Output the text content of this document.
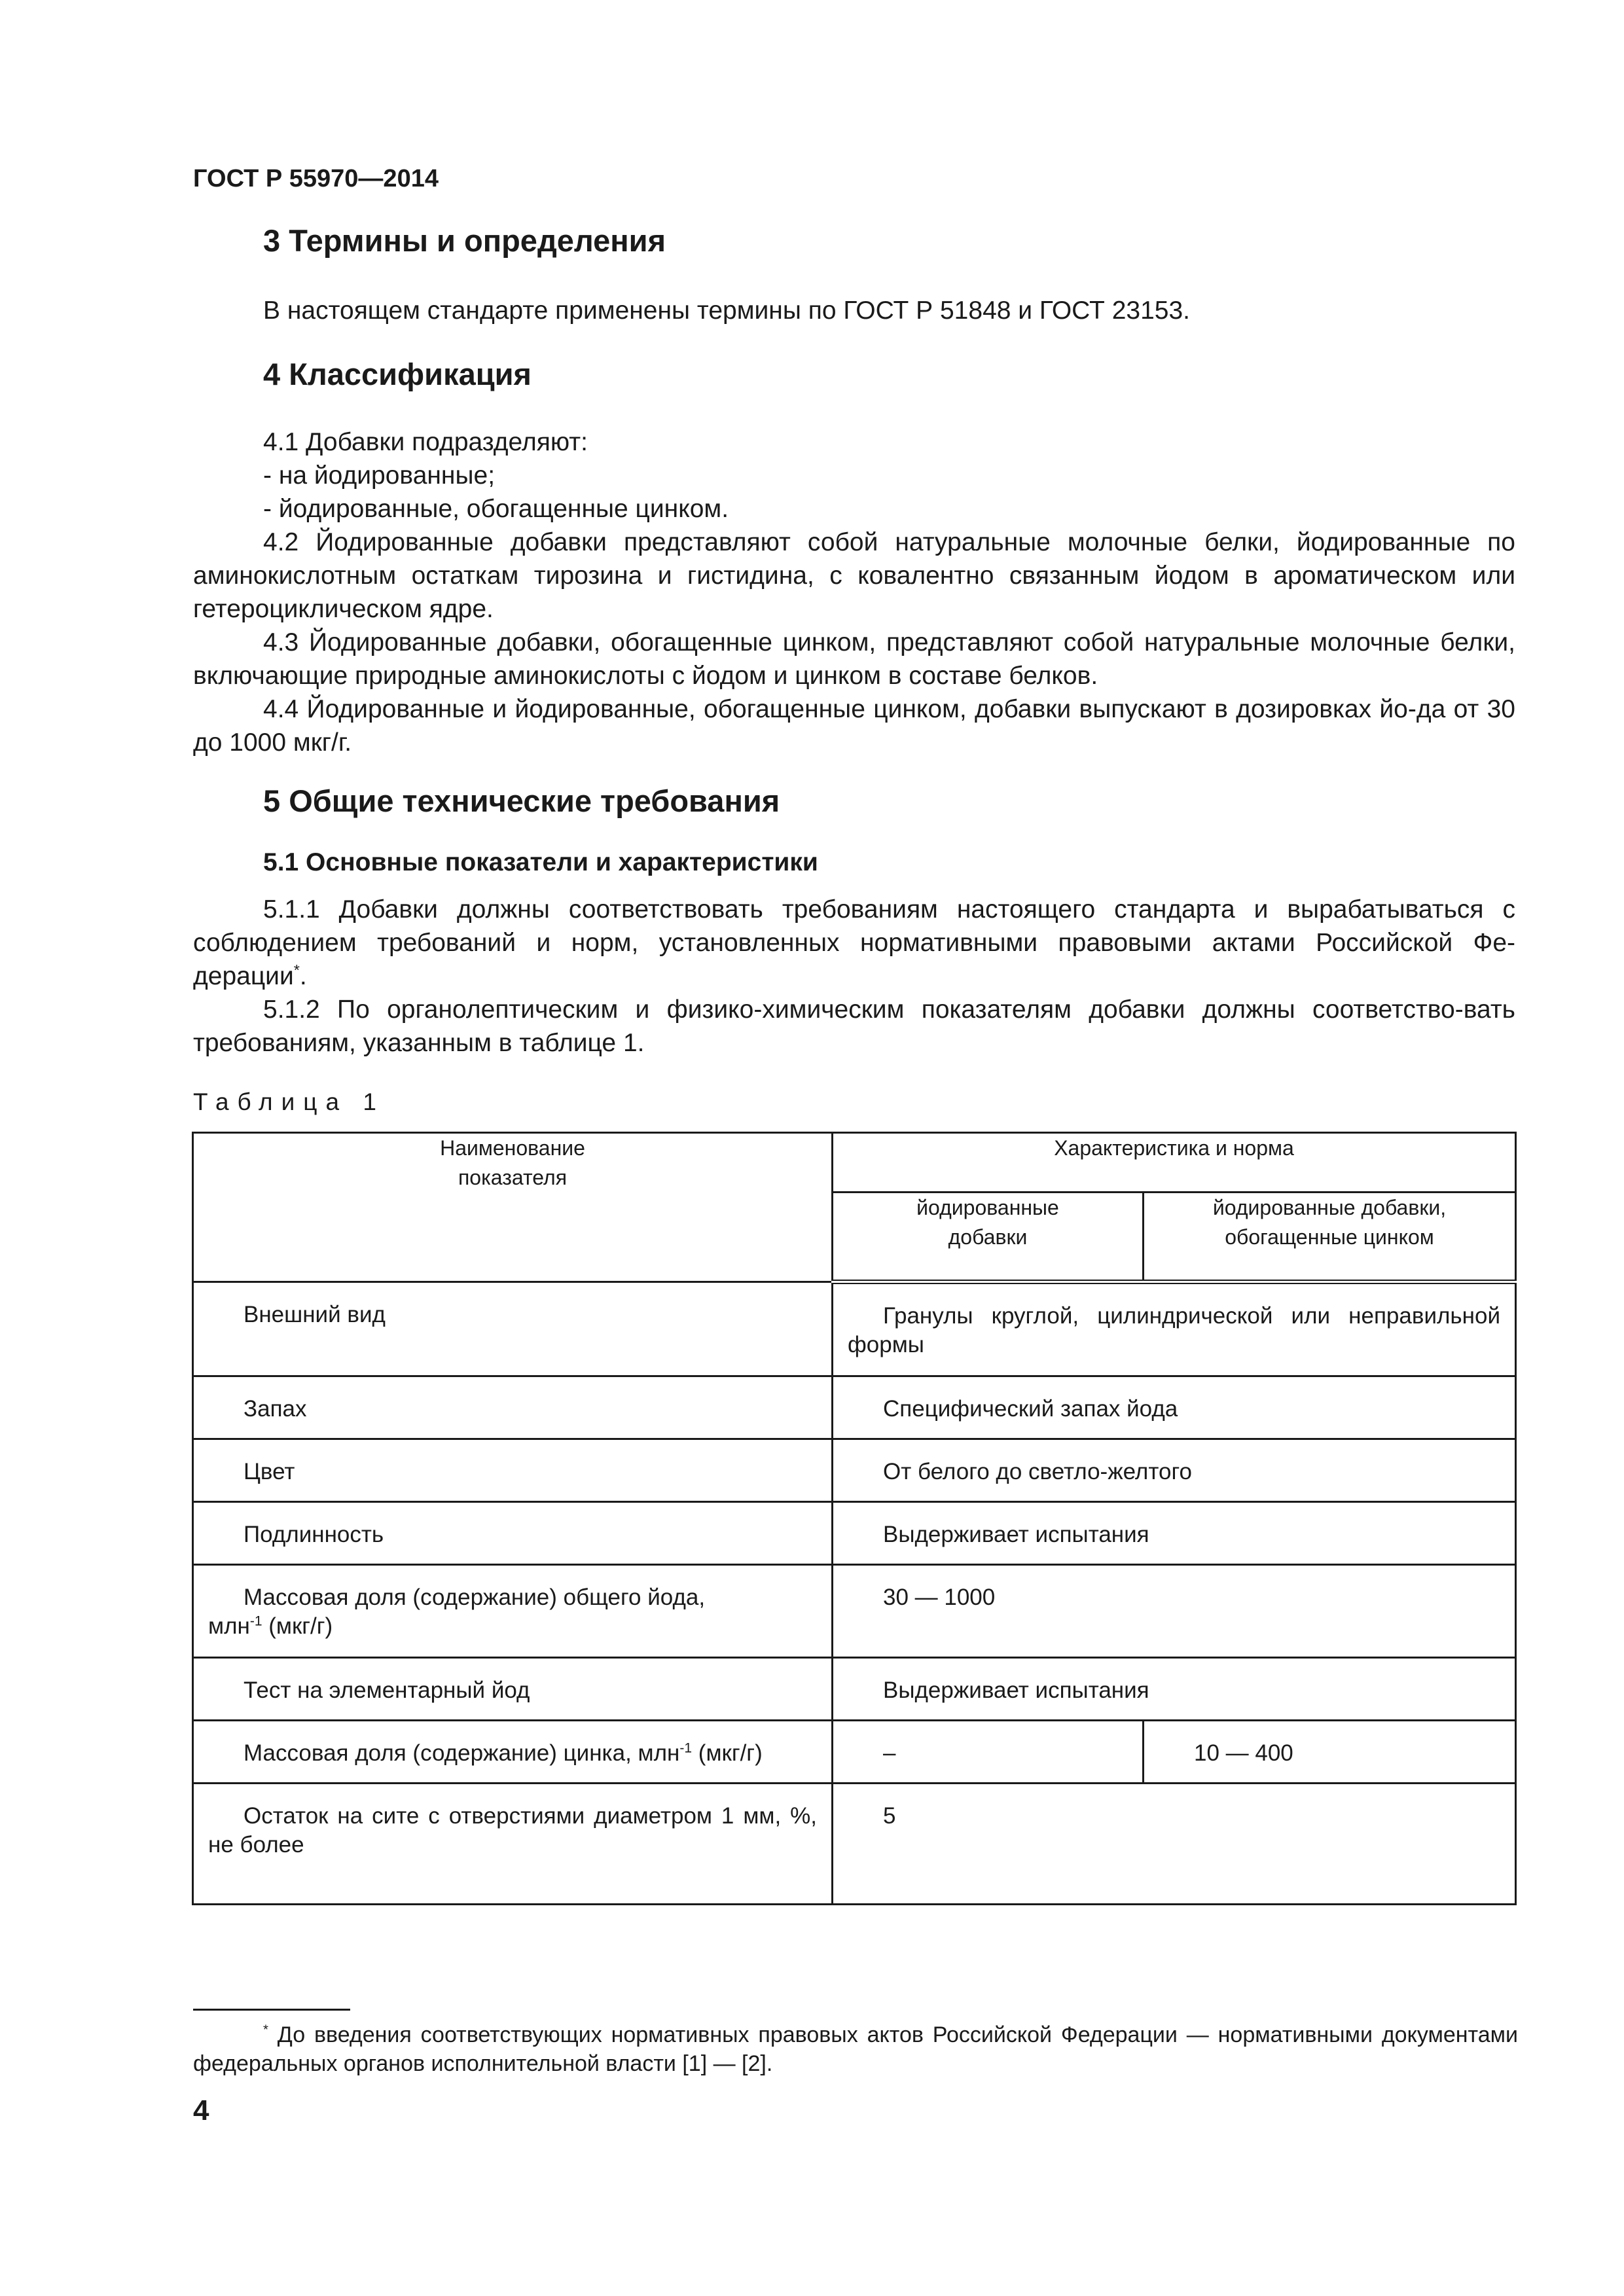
ГОСТ Р 55970—2014
3 Термины и определения

В настоящем стандарте применены термины по ГОСТ Р 51848 и ГОСТ 23153.

4 Классификация

4.1 Добавки подразделяют:

- на йодированные;

- йодированные, обогащенные цинком.

4.2 Йодированные добавки представляют собой натуральные молочные белки, йодированные по аминокислотным остаткам тирозина и гистидина, с ковалентно связанным йодом в ароматическом или гетероциклическом ядре.

4.3 Йодированные добавки, обогащенные цинком, представляют собой натуральные молочные белки, включающие природные аминокислоты с йодом и цинком в составе белков.

4.4 Йодированные и йодированные, обогащенные цинком, добавки выпускают в дозировках йо-да от 30 до 1000 мкг/г.

5 Общие технические требования
5.1 Основные показатели и характеристики

5.1.1 Добавки должны соответствовать требованиям настоящего стандарта и вырабатываться с

соблюдением требований и норм, установленных нормативными правовыми актами Российской Фе-

дерации*.

5.1.2 По органолептическим и физико-химическим показателям добавки должны соответство-вать требованиям, указанным в таблице 1.

Таблица 1
Наименование показателя	Характеристика и норма	

	йодированные добавки	йодированные добавки, обогащенные цинком

Внешний вид	Гранулы круглой, цилиндрической или неправильной формы	

Запах	Специфический запах йода	

Цвет	От белого до светло-желтого	

Подлинность	Выдерживает испытания	

Массовая доля (содержание) общего йода,
млн$^{-1}$ (мкг/г)	30 — 1000	

Тест на элементарный йод	Выдерживает испытания	

Массовая доля (содержание) цинка, млн$^{-1}$ (мкг/г)	–	10 — 400

Остаток на сите с отверстиями диаметром 1 мм, %, не более	5	

* До введения соответствующих нормативных правовых актов Российской Федерации — нормативными документами федеральных органов исполнительной власти [1] — [2].

4
